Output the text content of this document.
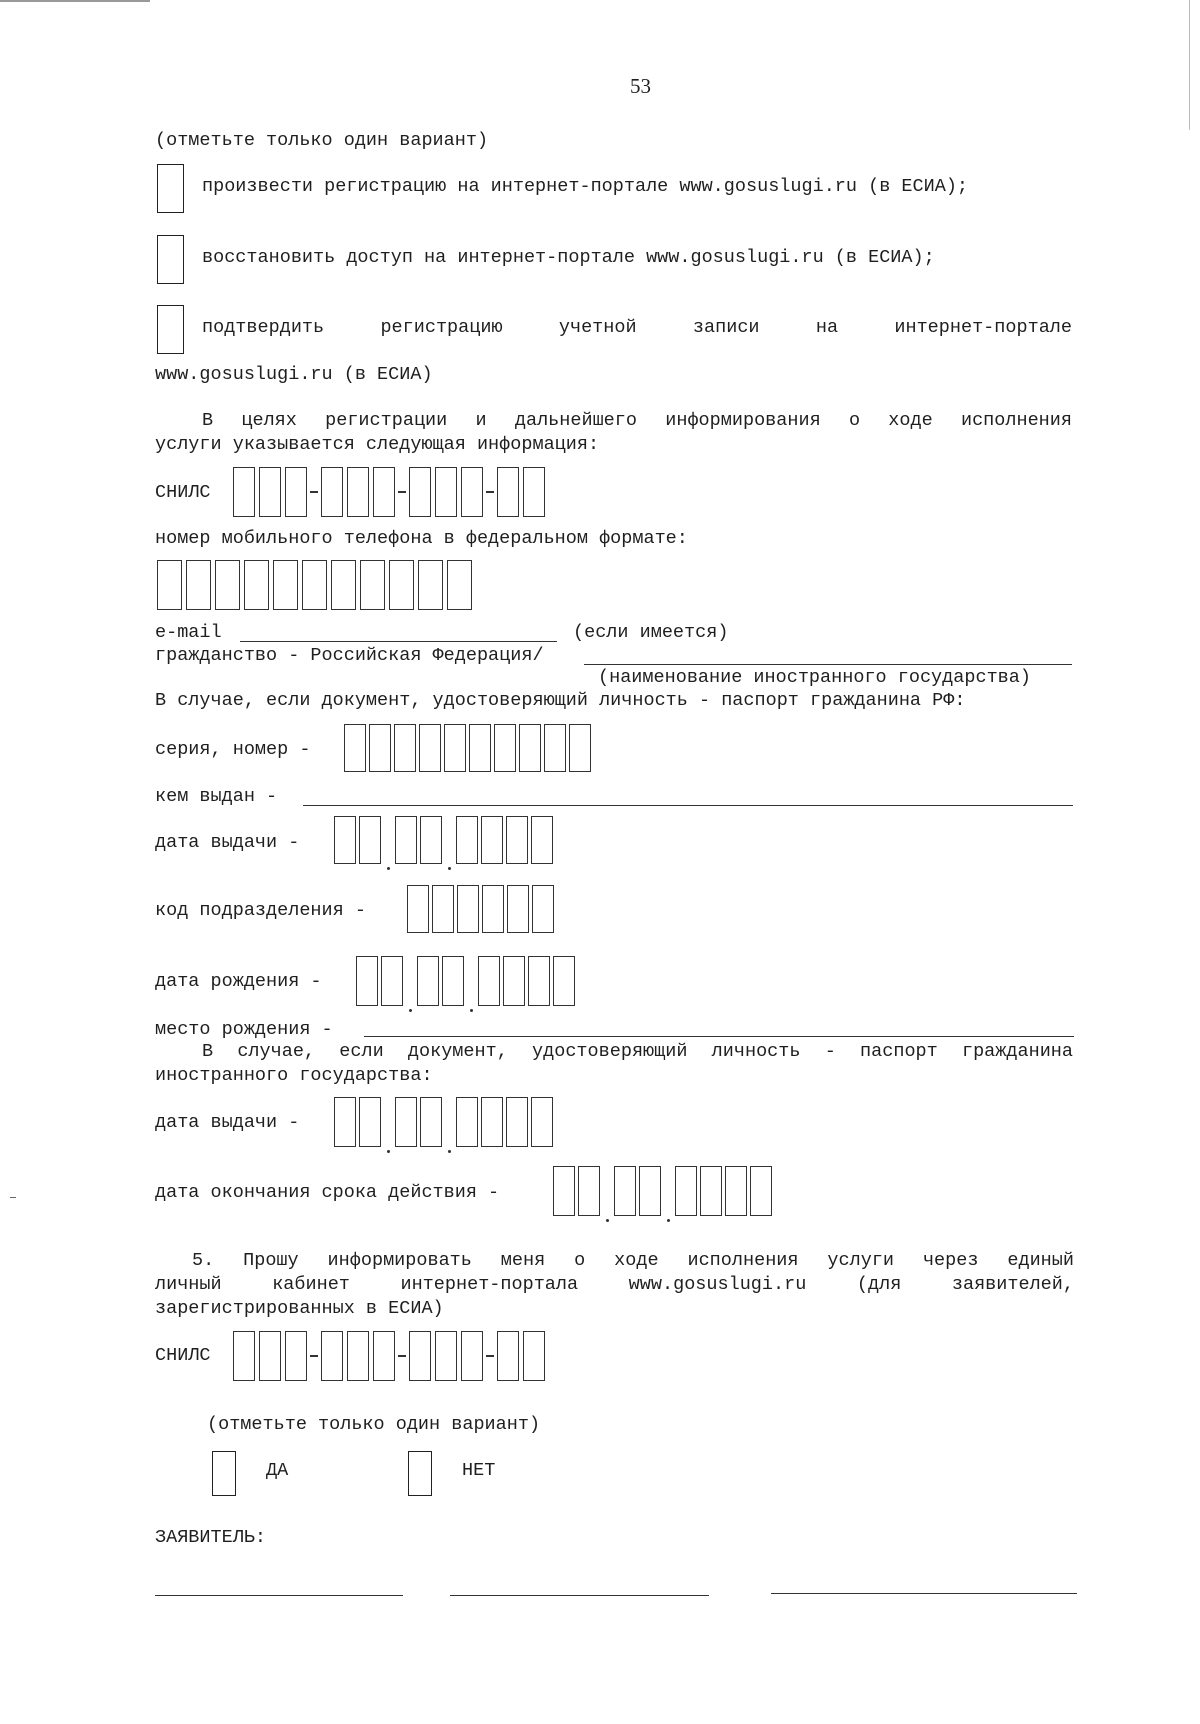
53
(отметьте только один вариант)
произвести регистрацию на интернет-портале www.gosuslugi.ru (в ЕСИА);
восстановить доступ на интернет-портале www.gosuslugi.ru (в ЕСИА);
подтвердить регистрацию учетной записи на интернет-портале
www.gosuslugi.ru (в ЕСИА)
В целях регистрации и дальнейшего информирования о ходе исполнения
услуги указывается следующая информация:
СНИЛС
номер мобильного телефона в федеральном формате:
e-mail	(если имеется)
гражданство - Российская Федерация/
(наименование иностранного государства)
В случае, если документ, удостоверяющий личность - паспорт гражданина РФ:
серия, номер -
кем выдан -
дата выдачи -
код подразделения -
дата рождения -
место рождения -
В случае, если документ, удостоверяющий личность - паспорт гражданина
иностранного государства:
дата выдачи -
дата окончания срока действия -
5. Прошу информировать меня о ходе исполнения услуги через единый
личный кабинет интернет-портала www.gosuslugi.ru (для заявителей,
зарегистрированных в ЕСИА)
СНИЛС
(отметьте только один вариант)
ДА	НЕТ
ЗАЯВИТЕЛЬ:
